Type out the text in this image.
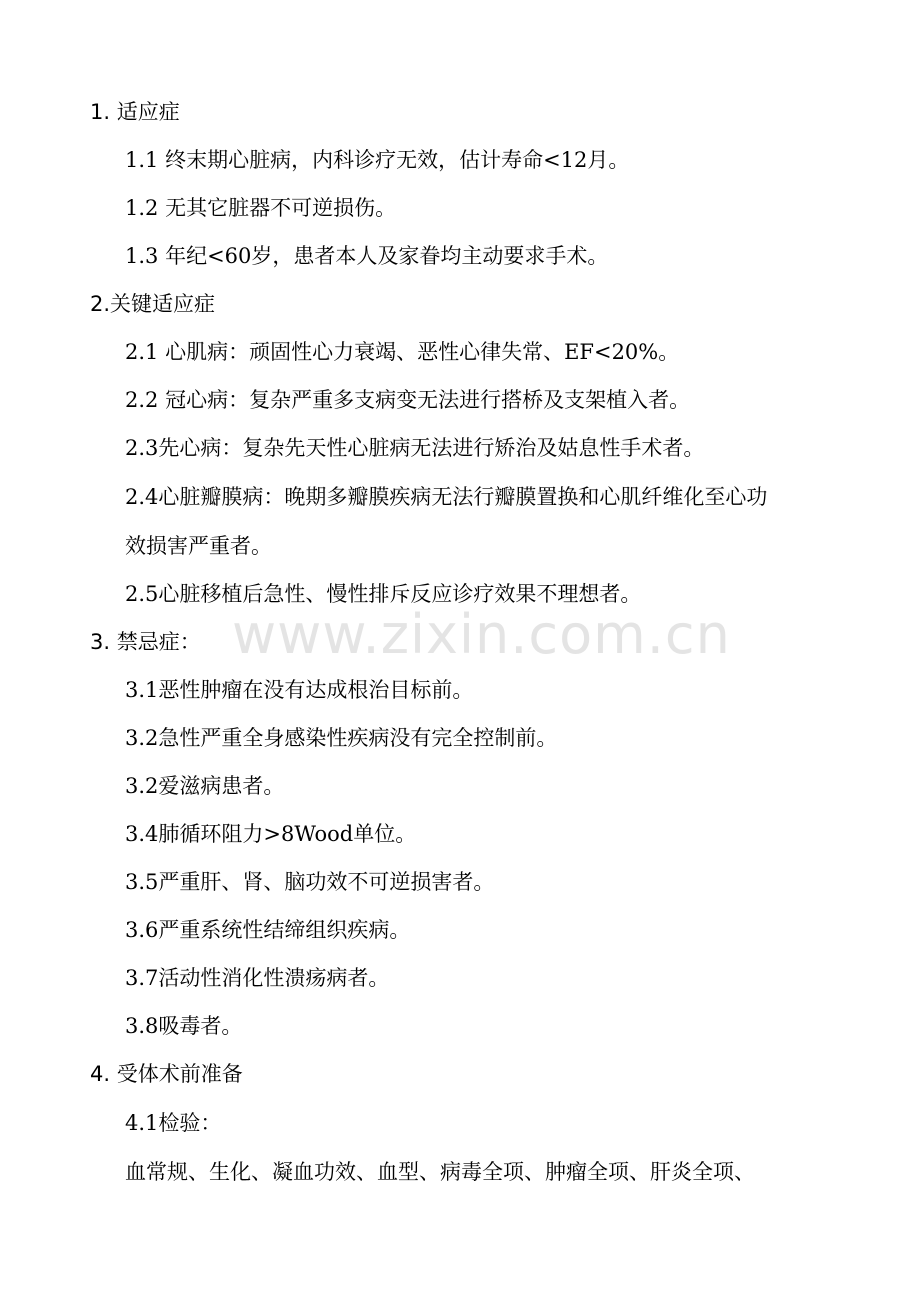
www.zixin.com.cn
1. 适应症
1.1 终末期心脏病，内科诊疗无效，估计寿命<12月。
1.2 无其它脏器不可逆损伤。
1.3 年纪<60岁，患者本人及家眷均主动要求手术。
2.关键适应症
2.1 心肌病：顽固性心力衰竭、恶性心律失常、EF<20%。
2.2 冠心病：复杂严重多支病变无法进行搭桥及支架植入者。
2.3先心病：复杂先天性心脏病无法进行矫治及姑息性手术者。
2.4心脏瓣膜病：晚期多瓣膜疾病无法行瓣膜置换和心肌纤维化至心功
效损害严重者。
2.5心脏移植后急性、慢性排斥反应诊疗效果不理想者。
3. 禁忌症：
3.1恶性肿瘤在没有达成根治目标前。
3.2急性严重全身感染性疾病没有完全控制前。
3.2爱滋病患者。
3.4肺循环阻力>8Wood单位。
3.5严重肝、肾、脑功效不可逆损害者。
3.6严重系统性结缔组织疾病。
3.7活动性消化性溃疡病者。
3.8吸毒者。
4. 受体术前准备
4.1检验：
血常规、生化、凝血功效、血型、病毒全项、肿瘤全项、肝炎全项、
